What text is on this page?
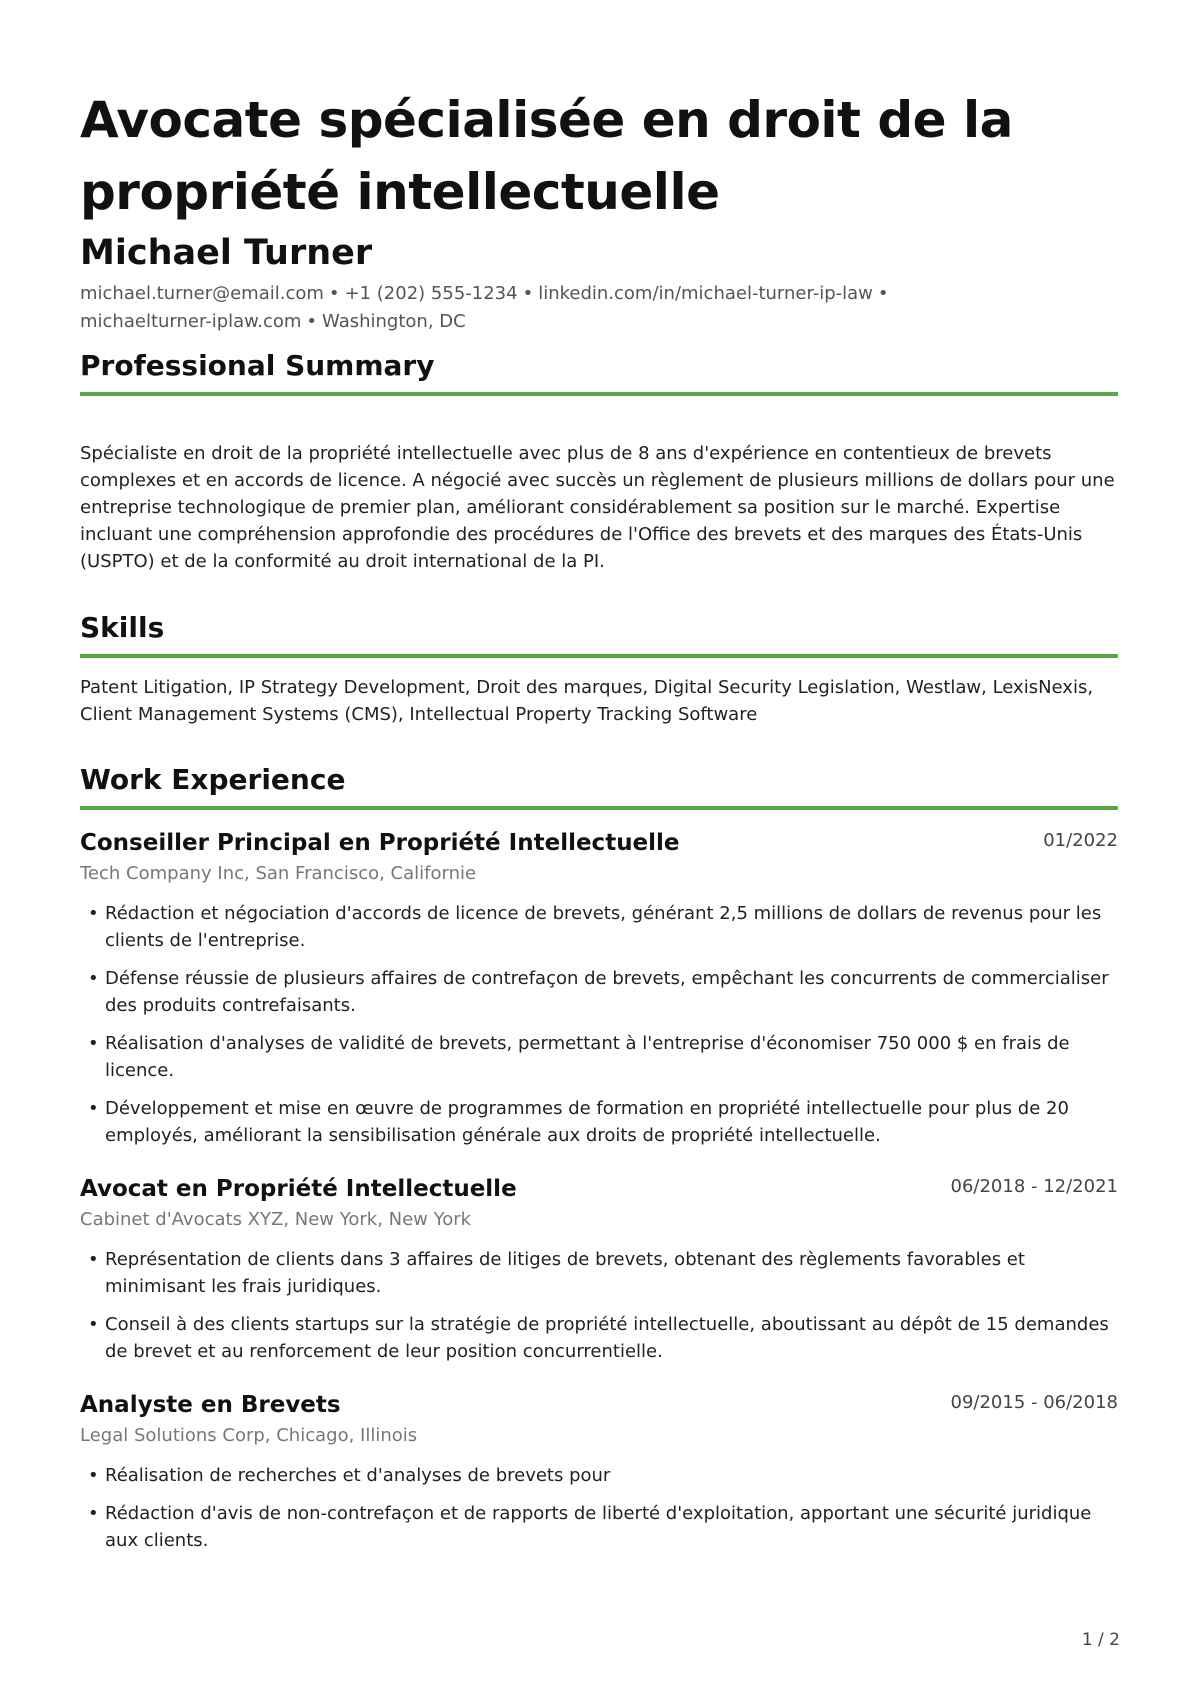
Avocate spécialisée en droit de la propriété intellectuelle
Michael Turner
michael.turner@email.com • +1 (202) 555-1234 • linkedin.com/in/michael-turner-ip-law •
michaelturner-iplaw.com • Washington, DC
Professional Summary
Spécialiste en droit de la propriété intellectuelle avec plus de 8 ans d'expérience en contentieux de brevets complexes et en accords de licence. A négocié avec succès un règlement de plusieurs millions de dollars pour une entreprise technologique de premier plan, améliorant considérablement sa position sur le marché. Expertise incluant une compréhension approfondie des procédures de l'Office des brevets et des marques des États-Unis (USPTO) et de la conformité au droit international de la PI.
Skills
Patent Litigation, IP Strategy Development, Droit des marques, Digital Security Legislation, Westlaw, LexisNexis, Client Management Systems (CMS), Intellectual Property Tracking Software
Work Experience
Conseiller Principal en Propriété Intellectuelle	01/2022
Tech Company Inc, San Francisco, Californie
• Rédaction et négociation d'accords de licence de brevets, générant 2,5 millions de dollars de revenus pour les clients de l'entreprise.
• Défense réussie de plusieurs affaires de contrefaçon de brevets, empêchant les concurrents de commercialiser des produits contrefaisants.
• Réalisation d'analyses de validité de brevets, permettant à l'entreprise d'économiser 750 000 $ en frais de licence.
• Développement et mise en œuvre de programmes de formation en propriété intellectuelle pour plus de 20 employés, améliorant la sensibilisation générale aux droits de propriété intellectuelle.
Avocat en Propriété Intellectuelle	06/2018 - 12/2021
Cabinet d'Avocats XYZ, New York, New York
• Représentation de clients dans 3 affaires de litiges de brevets, obtenant des règlements favorables et minimisant les frais juridiques.
• Conseil à des clients startups sur la stratégie de propriété intellectuelle, aboutissant au dépôt de 15 demandes de brevet et au renforcement de leur position concurrentielle.
Analyste en Brevets	09/2015 - 06/2018
Legal Solutions Corp, Chicago, Illinois
• Réalisation de recherches et d'analyses de brevets pour
• Rédaction d'avis de non-contrefaçon et de rapports de liberté d'exploitation, apportant une sécurité juridique aux clients.
1 / 2
